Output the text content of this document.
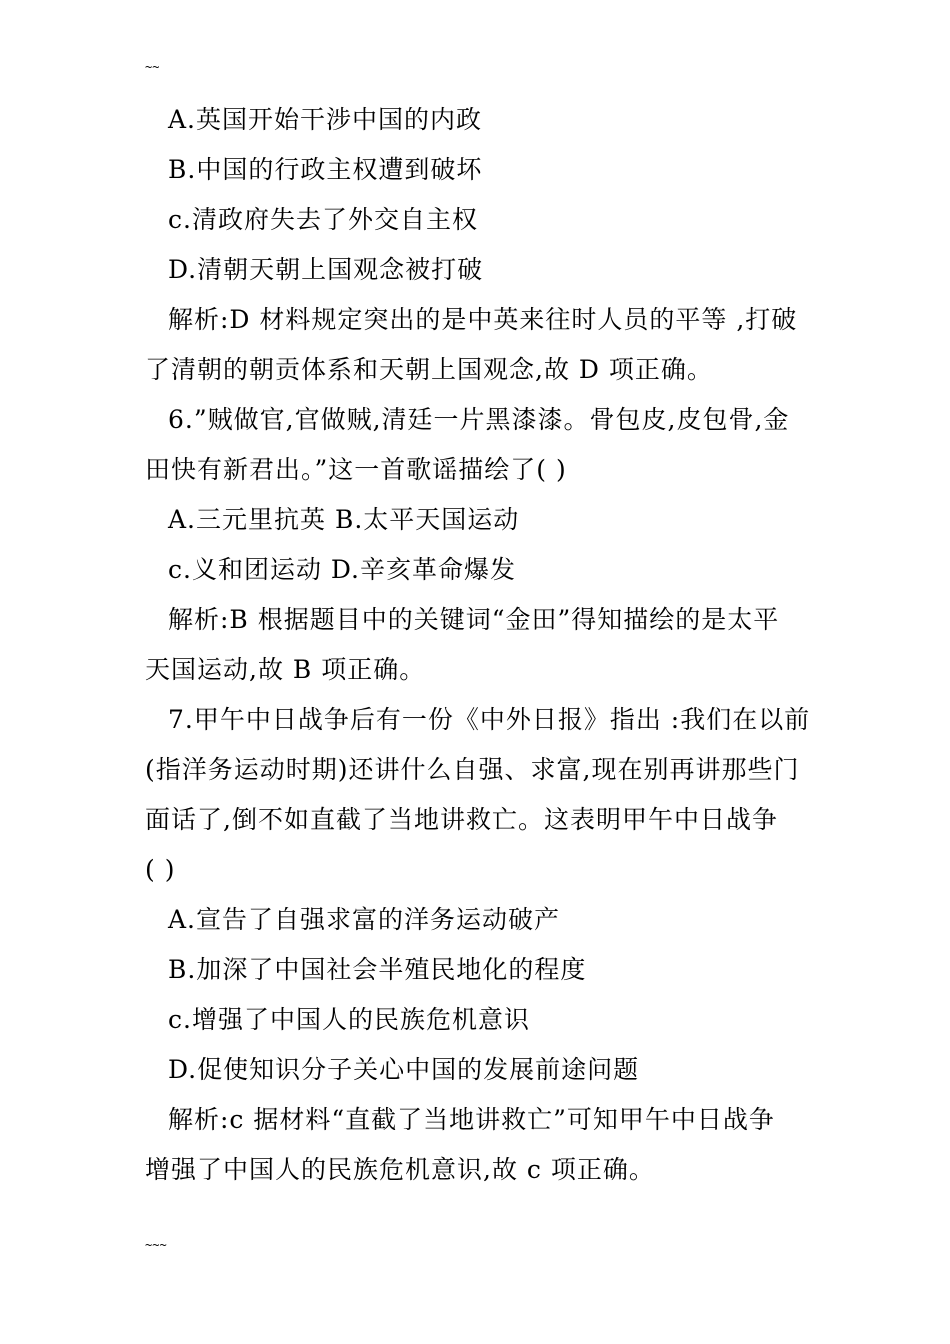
~~
A.英国开始干涉中国的内政
B.中国的行政主权遭到破坏
c.清政府失去了外交自主权
D.清朝天朝上国观念被打破
解析:D 材料规定突出的是中英来往时人员的平等 ,打破
了清朝的朝贡体系和天朝上国观念,故 D 项正确。
6.”贼做官,官做贼,清廷一片黑漆漆。骨包皮,皮包骨,金
田快有新君出。”这一首歌谣描绘了( )
A.三元里抗英 B.太平天国运动
c.义和团运动 D.辛亥革命爆发
解析:B 根据题目中的关键词“金田”得知描绘的是太平
天国运动,故 B 项正确。
7.甲午中日战争后有一份《中外日报》指出 :我们在以前
(指洋务运动时期)还讲什么自强、求富,现在别再讲那些门
面话了,倒不如直截了当地讲救亡。这表明甲午中日战争
( )
A.宣告了自强求富的洋务运动破产
B.加深了中国社会半殖民地化的程度
c.增强了中国人的民族危机意识
D.促使知识分子关心中国的发展前途问题
解析:c 据材料“直截了当地讲救亡”可知甲午中日战争
增强了中国人的民族危机意识,故 c 项正确。
~~~
